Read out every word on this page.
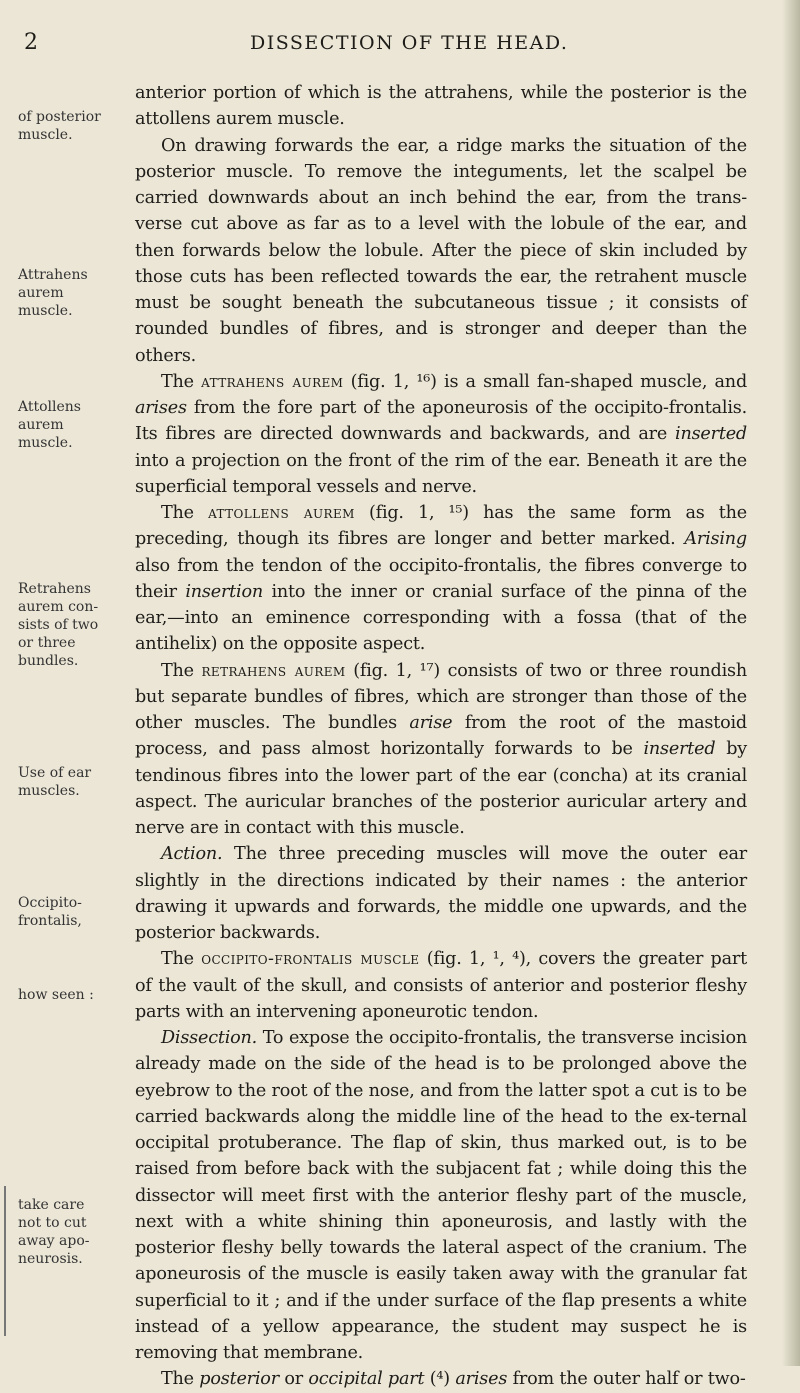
2	DISSECTION OF THE HEAD.
of posterior
muscle.
Attrahens
aurem
muscle.
Attollens
aurem
muscle.
Retrahens
aurem con-
sists of two
or three
bundles.
Use of ear
muscles.
Occipito-
frontalis,
how seen :
take care
not to cut
away apo-
neurosis.

anterior portion of which is the attrahens, while the posterior is the attollens aurem muscle.

On drawing forwards the ear, a ridge marks the situation of the posterior muscle. To remove the integuments, let the scalpel be carried downwards about an inch behind the ear, from the trans-verse cut above as far as to a level with the lobule of the ear, and then forwards below the lobule. After the piece of skin included by those cuts has been reflected towards the ear, the retrahent muscle must be sought beneath the subcutaneous tissue ; it consists of rounded bundles of fibres, and is stronger and deeper than the others.

The attrahens aurem (fig. 1, ¹⁶) is a small fan-shaped muscle, and arises from the fore part of the aponeurosis of the occipito-frontalis. Its fibres are directed downwards and backwards, and are inserted into a projection on the front of the rim of the ear. Beneath it are the superficial temporal vessels and nerve.

The attollens aurem (fig. 1, ¹⁵) has the same form as the preceding, though its fibres are longer and better marked. Arising also from the tendon of the occipito-frontalis, the fibres converge to their insertion into the inner or cranial surface of the pinna of the ear,—into an eminence corresponding with a fossa (that of the antihelix) on the opposite aspect.

The retrahens aurem (fig. 1, ¹⁷) consists of two or three roundish but separate bundles of fibres, which are stronger than those of the other muscles. The bundles arise from the root of the mastoid process, and pass almost horizontally forwards to be inserted by tendinous fibres into the lower part of the ear (concha) at its cranial aspect. The auricular branches of the posterior auricular artery and nerve are in contact with this muscle.

Action. The three preceding muscles will move the outer ear slightly in the directions indicated by their names : the anterior drawing it upwards and forwards, the middle one upwards, and the posterior backwards.

The occipito-frontalis muscle (fig. 1, ¹, ⁴), covers the greater part of the vault of the skull, and consists of anterior and posterior fleshy parts with an intervening aponeurotic tendon.

Dissection. To expose the occipito-frontalis, the transverse incision already made on the side of the head is to be prolonged above the eyebrow to the root of the nose, and from the latter spot a cut is to be carried backwards along the middle line of the head to the ex-ternal occipital protuberance. The flap of skin, thus marked out, is to be raised from before back with the subjacent fat ; while doing this the dissector will meet first with the anterior fleshy part of the muscle, next with a white shining thin aponeurosis, and lastly with the posterior fleshy belly towards the lateral aspect of the cranium. The aponeurosis of the muscle is easily taken away with the granular fat superficial to it ; and if the under surface of the flap presents a white instead of a yellow appearance, the student may suspect he is removing that membrane.

The posterior or occipital part (⁴) arises from the outer half or two-
